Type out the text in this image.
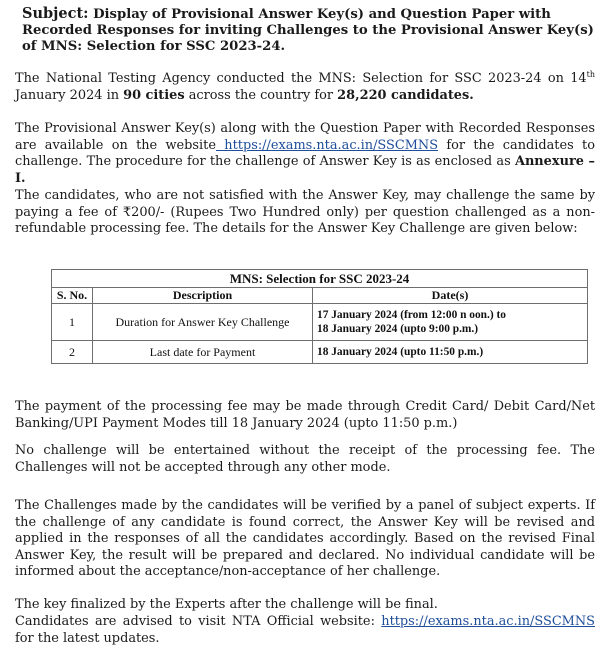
Subject: Display of Provisional Answer Key(s) and Question Paper with Recorded Responses for inviting Challenges to the Provisional Answer Key(s) of MNS: Selection for SSC 2023-24.
The National Testing Agency conducted the MNS: Selection for SSC 2023-24 on 14th January 2024 in 90 cities across the country for 28,220 candidates.
The Provisional Answer Key(s) along with the Question Paper with Recorded Responses are available on the website https://exams.nta.ac.in/SSCMNS for the candidates to challenge. The procedure for the challenge of Answer Key is as enclosed as Annexure – I.
The candidates, who are not satisfied with the Answer Key, may challenge the same by paying a fee of ₹200/- (Rupees Two Hundred only) per question challenged as a non-refundable processing fee. The details for the Answer Key Challenge are given below:
MNS: Selection for SSC 2023-24		
S. No.	Description	Date(s)
1	Duration for Answer Key Challenge	17 January 2024 (from 12:00 n oon.) to
18 January 2024 (upto 9:00 p.m.)

2	Last date for Payment	18 January 2024 (upto 11:50 p.m.)
The payment of the processing fee may be made through Credit Card/ Debit Card/Net Banking/UPI Payment Modes till 18 January 2024 (upto 11:50 p.m.)
No challenge will be entertained without the receipt of the processing fee. The Challenges will not be accepted through any other mode.
The Challenges made by the candidates will be verified by a panel of subject experts. If the challenge of any candidate is found correct, the Answer Key will be revised and applied in the responses of all the candidates accordingly. Based on the revised Final Answer Key, the result will be prepared and declared. No individual candidate will be informed about the acceptance/non-acceptance of her challenge.
The key finalized by the Experts after the challenge will be final.
Candidates are advised to visit NTA Official website: https://exams.nta.ac.in/SSCMNS for the latest updates.
